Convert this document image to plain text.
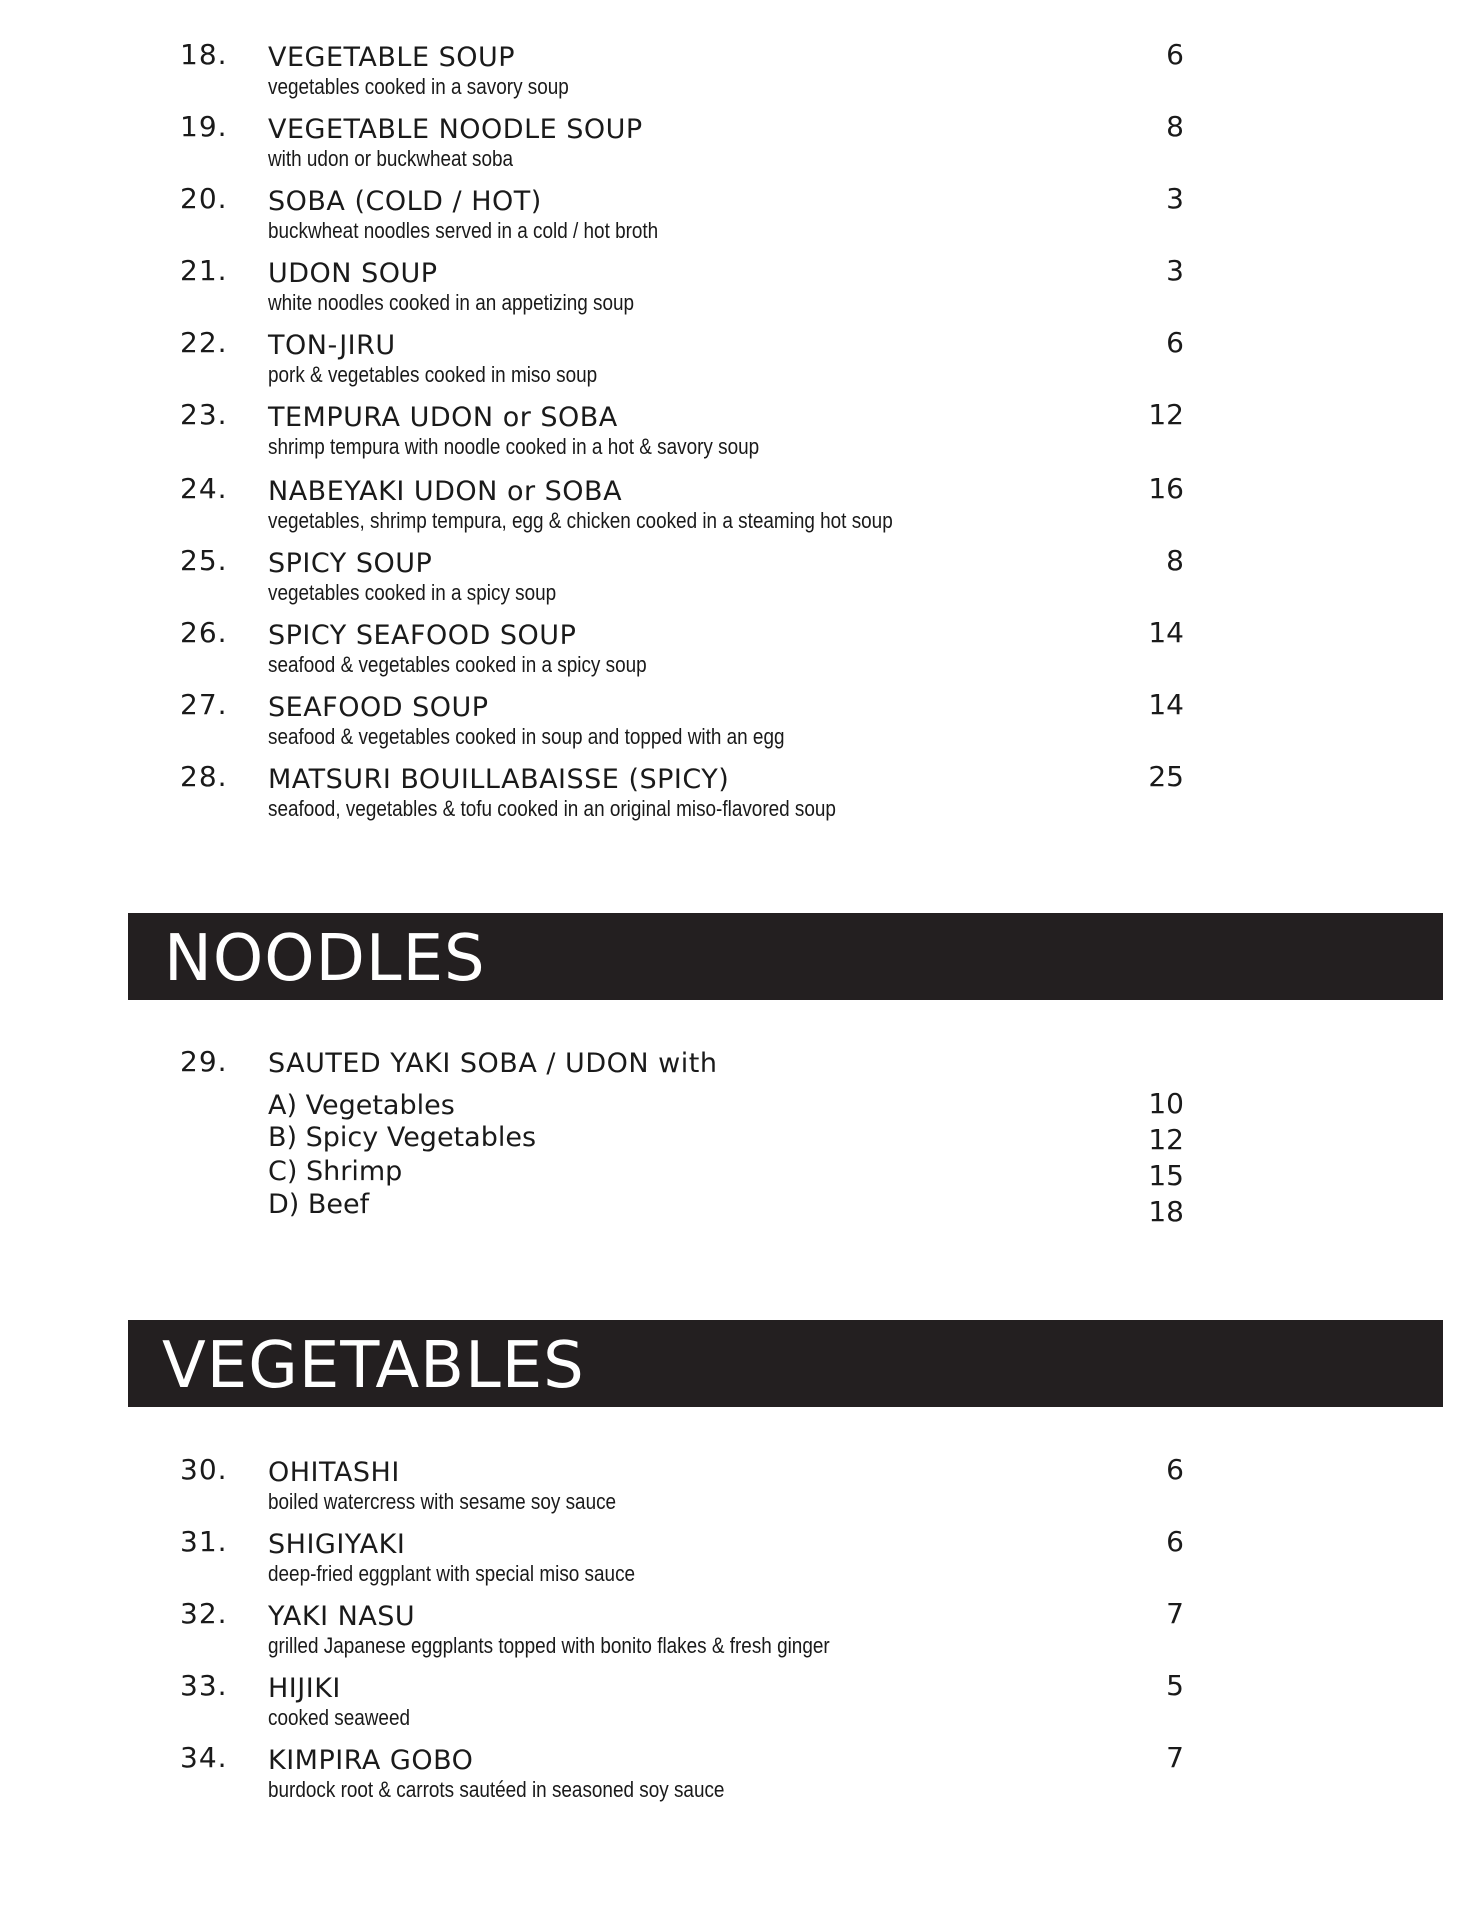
18. VEGETABLE SOUP
vegetables cooked in a savory soup
6
19. VEGETABLE NOODLE SOUP
with udon or buckwheat soba
8
20. SOBA (COLD / HOT)
buckwheat noodles served in a cold / hot broth
3
21. UDON SOUP
white noodles cooked in an appetizing soup
3
22. TON-JIRU
pork & vegetables cooked in miso soup
6
23. TEMPURA UDON or SOBA
shrimp tempura with noodle cooked in a hot & savory soup
12
24. NABEYAKI UDON or SOBA
vegetables, shrimp tempura, egg & chicken cooked in a steaming hot soup
16
25. SPICY SOUP
vegetables cooked in a spicy soup
8
26. SPICY SEAFOOD SOUP
seafood & vegetables cooked in a spicy soup
14
27. SEAFOOD SOUP
seafood & vegetables cooked in soup and topped with an egg
14
28. MATSURI BOUILLABAISSE (SPICY)
seafood, vegetables & tofu cooked in an original miso-flavored soup
25
NOODLES
29. SAUTED YAKI SOBA / UDON with
A) Vegetables	10
B) Spicy Vegetables	12
C) Shrimp	15
D) Beef	18
VEGETABLES
30. OHITASHI
boiled watercress with sesame soy sauce
6
31. SHIGIYAKI
deep-fried eggplant with special miso sauce
6
32. YAKI NASU
grilled Japanese eggplants topped with bonito flakes & fresh ginger
7
33. HIJIKI
cooked seaweed
5
34. KIMPIRA GOBO
burdock root & carrots sautéed in seasoned soy sauce
7
